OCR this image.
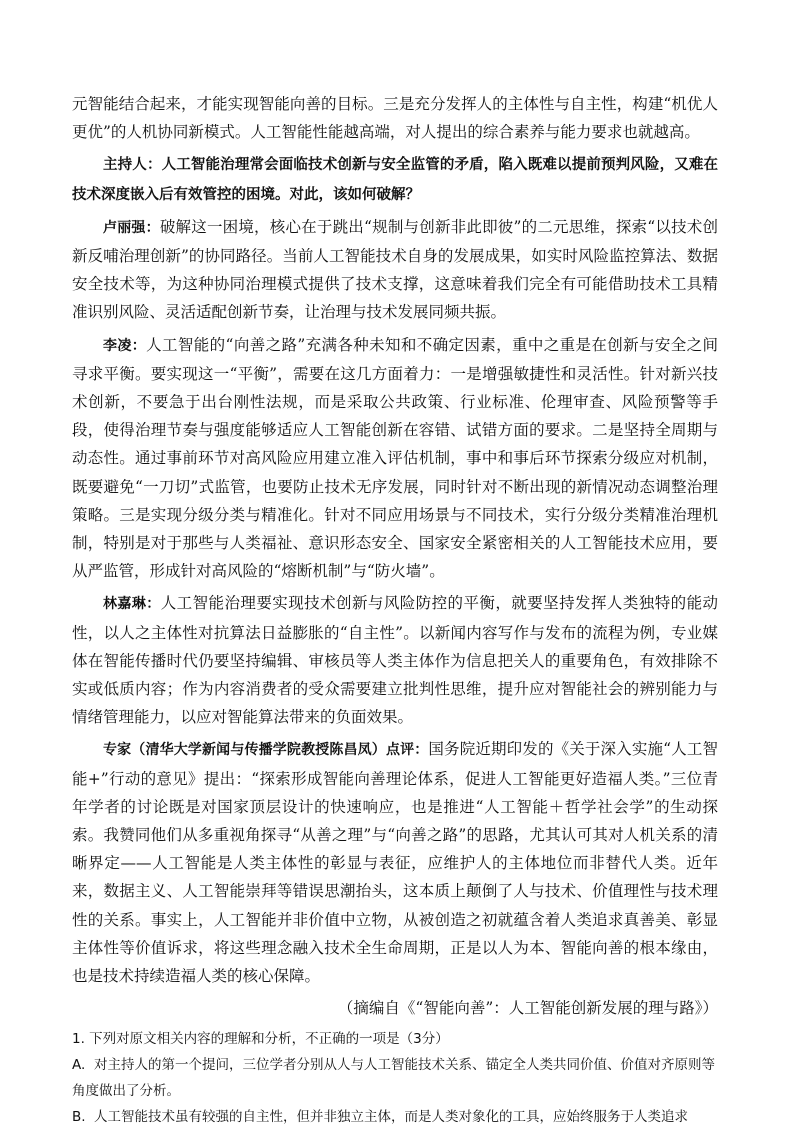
元智能结合起来，才能实现智能向善的目标。三是充分发挥人的主体性与自主性，构建“机优人更优”的人机协同新模式。人工智能性能越高端，对人提出的综合素养与能力要求也就越高。

主持人：人工智能治理常会面临技术创新与安全监管的矛盾，陷入既难以提前预判风险，又难在技术深度嵌入后有效管控的困境。对此，该如何破解？

卢丽强：破解这一困境，核心在于跳出“规制与创新非此即彼”的二元思维，探索“以技术创新反哺治理创新”的协同路径。当前人工智能技术自身的发展成果，如实时风险监控算法、数据安全技术等，为这种协同治理模式提供了技术支撑，这意味着我们完全有可能借助技术工具精准识别风险、灵活适配创新节奏，让治理与技术发展同频共振。

李凌：人工智能的“向善之路”充满各种未知和不确定因素，重中之重是在创新与安全之间寻求平衡。要实现这一“平衡”，需要在这几方面着力：一是增强敏捷性和灵活性。针对新兴技术创新，不要急于出台刚性法规，而是采取公共政策、行业标准、伦理审查、风险预警等手段，使得治理节奏与强度能够适应人工智能创新在容错、试错方面的要求。二是坚持全周期与动态性。通过事前环节对高风险应用建立准入评估机制，事中和事后环节探索分级应对机制，既要避免“一刀切”式监管，也要防止技术无序发展，同时针对不断出现的新情况动态调整治理策略。三是实现分级分类与精准化。针对不同应用场景与不同技术，实行分级分类精准治理机制，特别是对于那些与人类福祉、意识形态安全、国家安全紧密相关的人工智能技术应用，要从严监管，形成针对高风险的“熔断机制”与“防火墙”。

林嘉琳：人工智能治理要实现技术创新与风险防控的平衡，就要坚持发挥人类独特的能动性，以人之主体性对抗算法日益膨胀的“自主性”。以新闻内容写作与发布的流程为例，专业媒体在智能传播时代仍要坚持编辑、审核员等人类主体作为信息把关人的重要角色，有效排除不实或低质内容；作为内容消费者的受众需要建立批判性思维，提升应对智能社会的辨别能力与情绪管理能力，以应对智能算法带来的负面效果。

专家（清华大学新闻与传播学院教授陈昌凤）点评：国务院近期印发的《关于深入实施“人工智能+”行动的意见》提出：“探索形成智能向善理论体系，促进人工智能更好造福人类。”三位青年学者的讨论既是对国家顶层设计的快速响应，也是推进“人工智能＋哲学社会学”的生动探索。我赞同他们从多重视角探寻“从善之理”与“向善之路”的思路，尤其认可其对人机关系的清晰界定——人工智能是人类主体性的彰显与表征，应维护人的主体地位而非替代人类。近年来，数据主义、人工智能崇拜等错误思潮抬头，这本质上颠倒了人与技术、价值理性与技术理性的关系。事实上，人工智能并非价值中立物，从被创造之初就蕴含着人类追求真善美、彰显主体性等价值诉求，将这些理念融入技术全生命周期，正是以人为本、智能向善的根本缘由，也是技术持续造福人类的核心保障。

（摘编自《“智能向善”：人工智能创新发展的理与路》）

1. 下列对原文相关内容的理解和分析，不正确的一项是（3分）

A. 对主持人的第一个提问，三位学者分别从人与人工智能技术关系、锚定全人类共同价值、价值对齐原则等角度做出了分析。

B. 人工智能技术虽有较强的自主性，但并非独立主体，而是人类对象化的工具，应始终服务于人类追求
